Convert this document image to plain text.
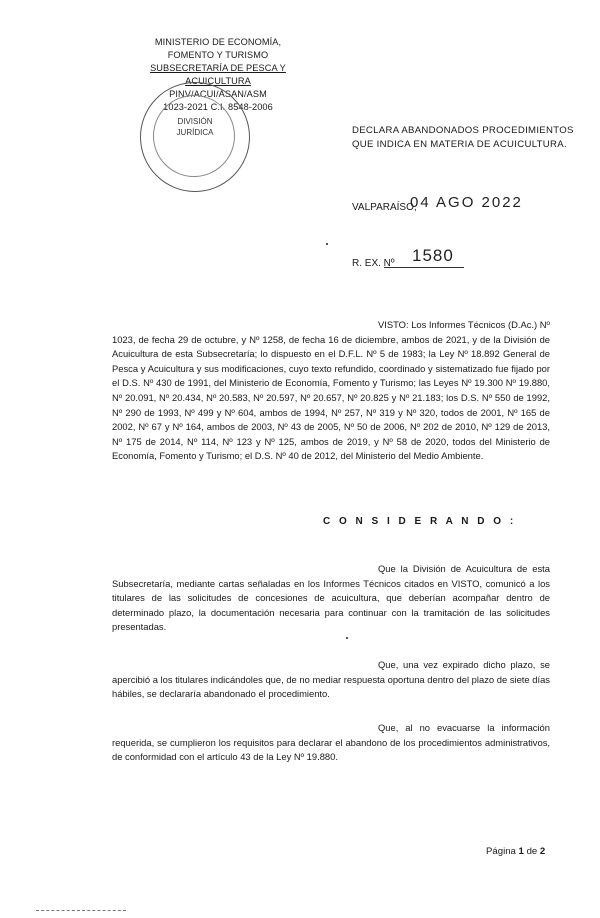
MINISTERIO DE ECONOMÍA,
FOMENTO Y TURISMO
SUBSECRETARÍA DE PESCA Y ACUICULTURA
PINV/ACUI/ASAN/ASM
1023-2021 C.I. 8548-2006
DIVISIÓN
JURÍDICA	DECLARA ABANDONADOS PROCEDIMIENTOS
QUE INDICA EN MATERIA DE ACUICULTURA.
VALPARAÍSO,
04 AGO 2022
R. EX. Nº 1580

VISTO: Los Informes Técnicos (D.Ac.) Nº 1023, de fecha 29 de octubre, y Nº 1258, de fecha 16 de diciembre, ambos de 2021, y de la División de Acuicultura de esta Subsecretaría; lo dispuesto en el D.F.L. Nº 5 de 1983; la Ley Nº 18.892 General de Pesca y Acuicultura y sus modificaciones, cuyo texto refundido, coordinado y sistematizado fue fijado por el D.S. Nº 430 de 1991, del Ministerio de Economía, Fomento y Turismo; las Leyes Nº 19.300 Nº 19.880, Nº 20.091, Nº 20.434, Nº 20.583, Nº 20.597, Nº 20.657, Nº 20.825 y Nº 21.183; los D.S. Nº 550 de 1992, Nº 290 de 1993, Nº 499 y Nº 604, ambos de 1994, Nº 257, Nº 319 y Nº 320, todos de 2001, Nº 165 de 2002, Nº 67 y Nº 164, ambos de 2003, Nº 43 de 2005, Nº 50 de 2006, Nº 202 de 2010, Nº 129 de 2013, Nº 175 de 2014, Nº 114, Nº 123 y Nº 125, ambos de 2019, y Nº 58 de 2020, todos del Ministerio de Economía, Fomento y Turismo; el D.S. Nº 40 de 2012, del Ministerio del Medio Ambiente.

C O N S I D E R A N D O :

Que la División de Acuicultura de esta Subsecretaría, mediante cartas señaladas en los Informes Técnicos citados en VISTO, comunicó a los titulares de las solicitudes de concesiones de acuicultura, que deberían acompañar dentro de determinado plazo, la documentación necesaria para continuar con la tramitación de las solicitudes presentadas.

Que, una vez expirado dicho plazo, se apercibió a los titulares indicándoles que, de no mediar respuesta oportuna dentro del plazo de siete días hábiles, se declararía abandonado el procedimiento.

Que, al no evacuarse la información requerida, se cumplieron los requisitos para declarar el abandono de los procedimientos administrativos, de conformidad con el artículo 43 de la Ley Nº 19.880.

Página 1 de 2
